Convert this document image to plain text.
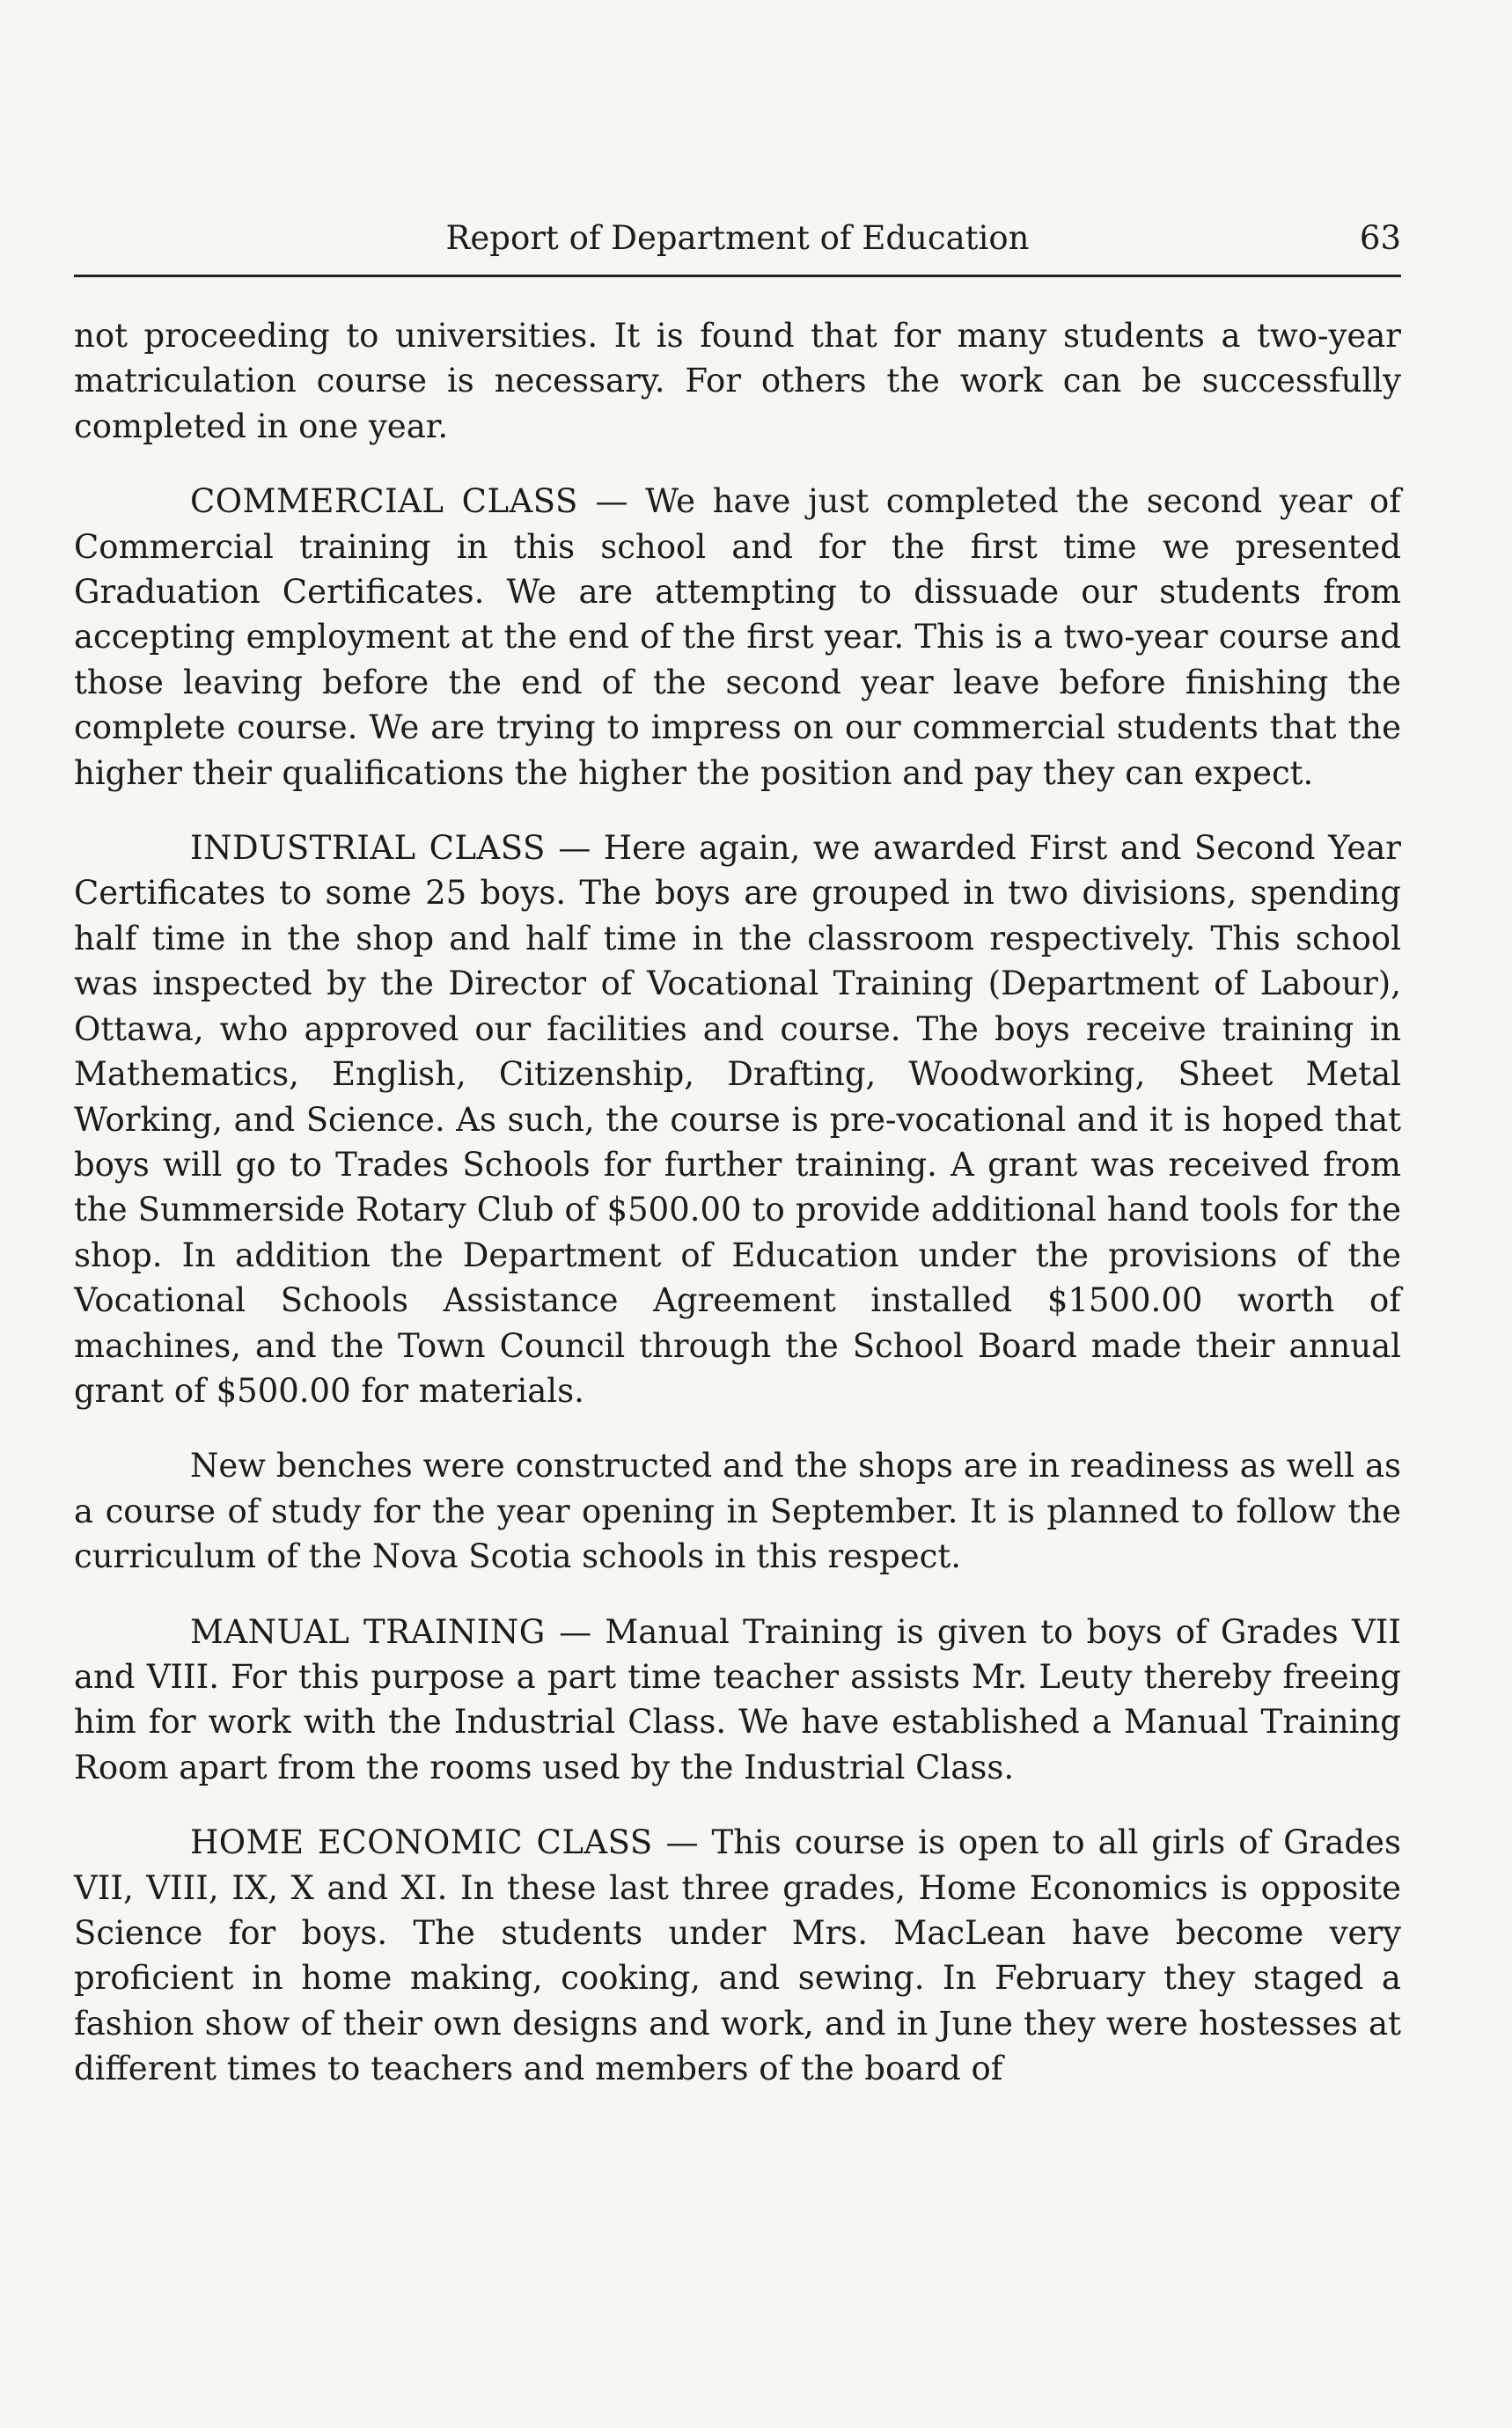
Report of Department of Education	63

not proceeding to universities. It is found that for many students a two-year matriculation course is necessary. For others the work can be successfully completed in one year.

COMMERCIAL CLASS — We have just completed the second year of Commercial training in this school and for the first time we presented Graduation Certificates. We are attempting to dissuade our students from accepting employment at the end of the first year. This is a two-year course and those leaving before the end of the second year leave before finishing the complete course. We are trying to impress on our commercial students that the higher their qualifications the higher the position and pay they can expect.

INDUSTRIAL CLASS — Here again, we awarded First and Second Year Certificates to some 25 boys. The boys are grouped in two divisions, spending half time in the shop and half time in the classroom respectively. This school was inspected by the Director of Vocational Training (Department of Labour), Ottawa, who approved our facilities and course. The boys receive training in Mathematics, English, Citizenship, Drafting, Woodworking, Sheet Metal Working, and Science. As such, the course is pre-vocational and it is hoped that boys will go to Trades Schools for further training. A grant was received from the Summerside Rotary Club of $500.00 to provide additional hand tools for the shop. In addition the Department of Education under the provisions of the Vocational Schools Assistance Agreement installed $1500.00 worth of machines, and the Town Council through the School Board made their annual grant of $500.00 for materials.

New benches were constructed and the shops are in readiness as well as a course of study for the year opening in September. It is planned to follow the curriculum of the Nova Scotia schools in this respect.

MANUAL TRAINING — Manual Training is given to boys of Grades VII and VIII. For this purpose a part time teacher assists Mr. Leuty thereby freeing him for work with the Industrial Class. We have established a Manual Training Room apart from the rooms used by the Industrial Class.

HOME ECONOMIC CLASS — This course is open to all girls of Grades VII, VIII, IX, X and XI. In these last three grades, Home Economics is opposite Science for boys. The students under Mrs. MacLean have become very proficient in home making, cooking, and sewing. In February they staged a fashion show of their own designs and work, and in June they were hostesses at different times to teachers and members of the board of
